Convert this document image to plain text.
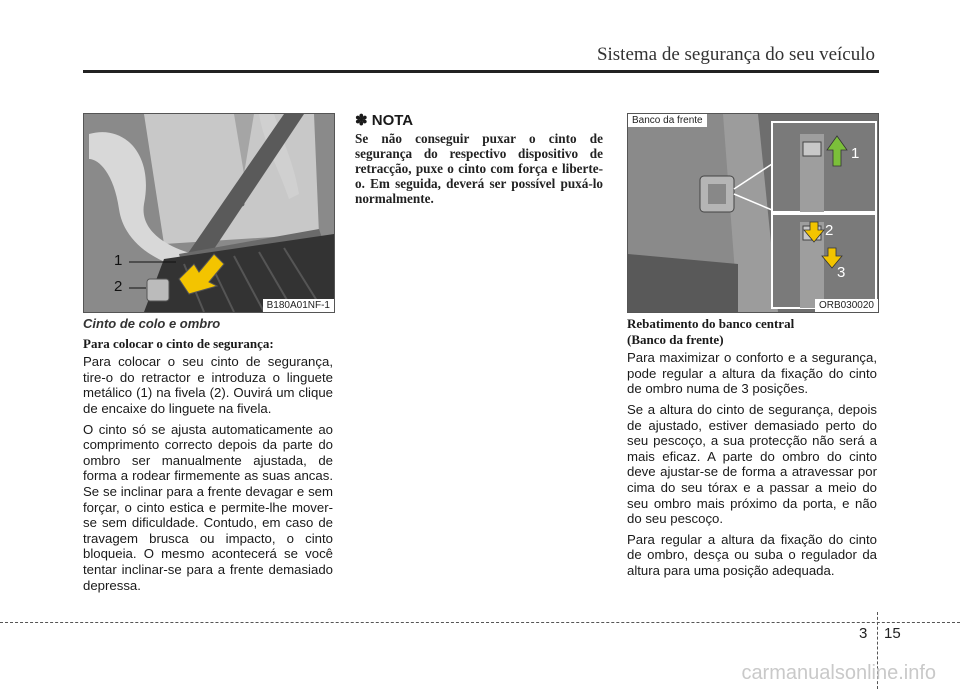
Sistema de segurança do seu veículo
1
2
B180A01NF-1
Cinto de colo e ombro
Para colocar o cinto de segurança:

Para colocar o seu cinto de segurança, tire-o do retractor e introduza o linguete metálico (1) na fivela (2). Ouvirá um clique de encaixe do linguete na fivela.

O cinto só se ajusta automaticamente ao comprimento correcto depois da parte do ombro ser manualmente ajustada, de forma a rodear firmemente as suas ancas. Se se inclinar para a frente devagar e sem forçar, o cinto estica e permite-lhe mover-se sem dificuldade. Contudo, em caso de travagem brusca ou impacto, o cinto bloqueia. O mesmo acontecerá se você tentar inclinar-se para a frente demasiado depressa.

✽ NOTA
Se não conseguir puxar o cinto de segurança do respectivo dispositivo de retracção, puxe o cinto com força e liberte-o. Em seguida, deverá ser possível puxá-lo normalmente.
Banco da frente
1
2
3
ORB030020
Rebatimento do banco central
(Banco da frente)

Para maximizar o conforto e a segurança, pode regular a altura da fixação do cinto de ombro numa de 3 posições.

Se a altura do cinto de segurança, depois de ajustado, estiver demasiado perto do seu pescoço, a sua protecção não será a mais eficaz. A parte do ombro do cinto deve ajustar-se de forma a atravessar por cima do seu tórax e a passar a meio do seu ombro mais próximo da porta, e não do seu pescoço.

Para regular a altura da fixação do cinto de ombro, desça ou suba o regulador da altura para uma posição adequada.

3 15
carmanualsonline.info
